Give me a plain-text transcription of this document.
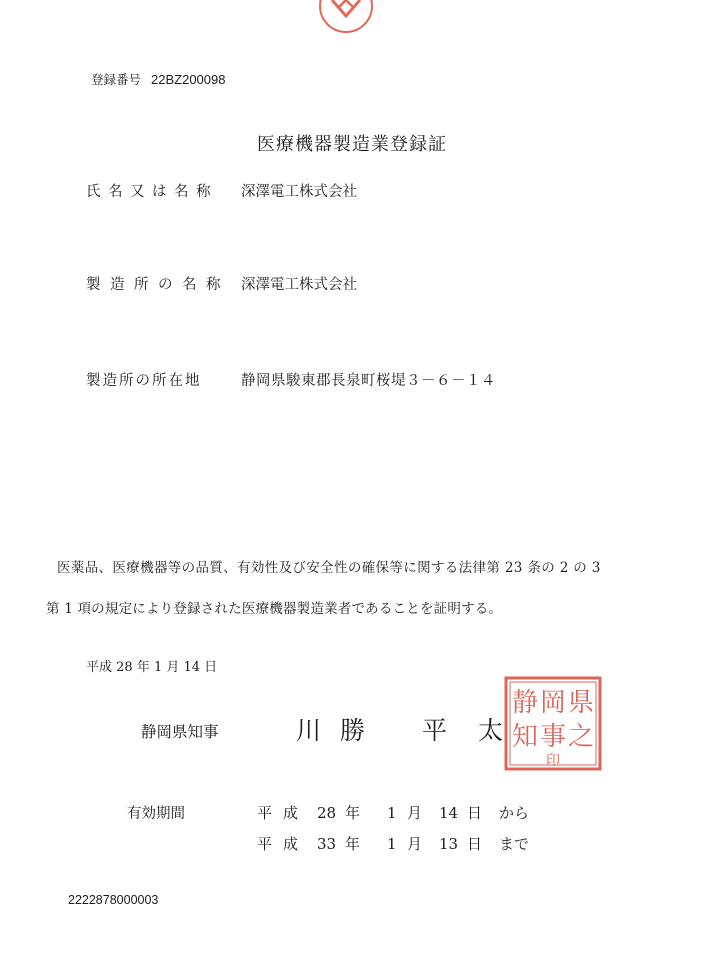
登録番号 22BZ200098
医療機器製造業登録証
氏名又は名称 深澤電工株式会社
製造所の名称 深澤電工株式会社
製造所の所在地	静岡県駿東郡長泉町桜堤３－６－１４
医薬品、医療機器等の品質、有効性及び安全性の確保等に関する法律第 23 条の 2 の 3
第 1 項の規定により登録された医療機器製造業者であることを証明する。
平成 28 年 1 月 14 日
静岡県知事	川 勝 平 太
県
之
岡
事
静
知
印
有効期間	平 成 28 年 1 月 14 日 から
平 成 33 年 1 月 13 日 まで
2222878000003
